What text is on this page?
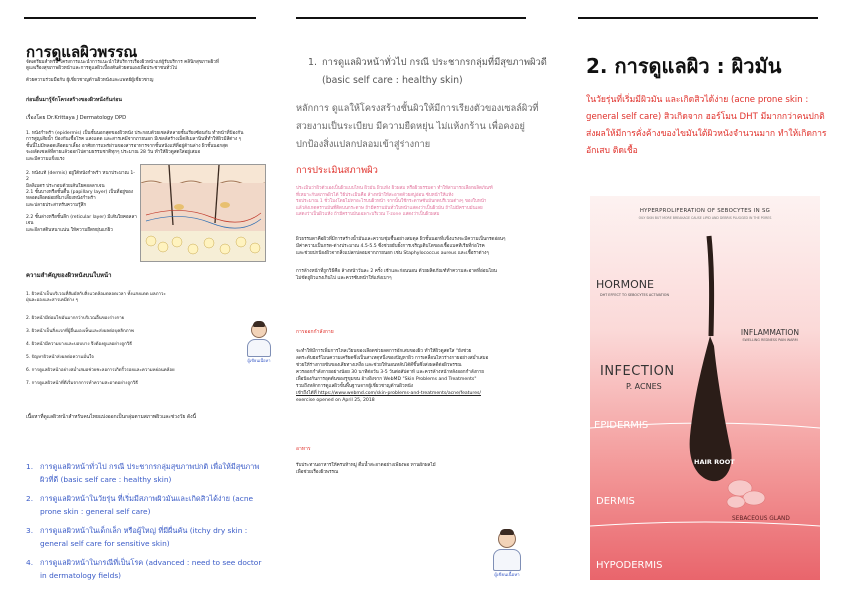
การดูแลผิวพรรณ

จัดเตรียมสำหรับ โครงการแนะนำการแนะนำให้บริการเรื่องผิวหน้าแก่ผู้รับบริการ คลินิกสุขภาพผิวที่

ดูแลเรื่องสุขภาพผิวหน้าและการดูแลผิวเบื้องต้นด้วยตนเองเพื่อประชาชนทั่วไป

ด้วยความร่วมมือกับ ผู้เชี่ยวชาญด้านผิวหนังและแพทย์ผู้เชี่ยวชาญ
ก่อนอื่นมารู้จักโครงสร้างของผิวหนังกันก่อน
เรื่องโดย Dr.Krittaya J Dermatology DPD

1. หนังกำพร้า (epidermis) เป็นชั้นนอกสุดของผิวหนัง ประกอบด้วยเซลล์หลายชั้นเรียงซ้อนกัน ทำหน้าที่ป้องกัน

การสูญเสียน้ำ ป้องกันเชื้อโรค แสงแดด และสารเคมีจากภายนอก มีเซลล์สร้างเม็ดสีเมลานินที่ทำให้ผิวมีสีต่าง ๆ

ชั้นนี้ไม่มีหลอดเลือดมาเลี้ยง อาศัยการแพร่ผ่านของสารอาหารจากชั้นหนังแท้ที่อยู่ด้านล่าง ผิวชั้นนอกสุด

จะผลัดเซลล์ที่ตายแล้วออกไปตามธรรมชาติทุกๆ ประมาณ 28 วัน ทำให้ผิวดูสดใสอยู่เสมอ

และมีความแข็งแรง

2. หนังแท้ (dermis) อยู่ใต้หนังกำพร้า หนาประมาณ 1-2

มิลลิเมตร ประกอบด้วยเส้นใยคอลลาเจน

2.1 ชั้นบางหรือชั้นตื้น (papillary layer) เป็นที่อยู่ของ

หลอดเลือดฝอยที่มาเลี้ยงหนังกำพร้า

และปลายประสาทรับความรู้สึก

2.2 ชั้นล่างหรือชั้นลึก (reticular layer) มีเส้นใยคอลลาเจน

และอีลาสตินหนาแน่น ให้ความยืดหยุ่นแก่ผิว

ความสำคัญของผิวหนังบนใบหน้า

1. ผิวหน้าเป็นบริเวณที่สัมผัสกับสิ่งแวดล้อมตลอดเวลา ทั้งแสงแดด มลภาวะ

ฝุ่นละอองและสารเคมีต่าง ๆ

2. ผิวหน้ามีต่อมไขมันมากกว่าบริเวณอื่นของร่างกาย

3. ผิวหน้าเป็นสิ่งแรกที่ผู้อื่นมองเห็นและส่งผลต่อบุคลิกภาพ

4. ผิวหน้ามีความบางและบอบบาง จึงต้องดูแลอย่างถูกวิธี

5. ปัญหาผิวหน้าส่งผลต่อความมั่นใจ

6. การดูแลผิวหน้าอย่างสม่ำเสมอช่วยชะลอการเกิดริ้วรอยและความหย่อนคล้อย

7. การดูแลผิวหน้าที่ดีเริ่มจากการทำความสะอาดอย่างถูกวิธี

ผู้เขียนเนื้อหา
เนื้อหาที่ดูแลผิวหน้าสำหรับคนไทยแบ่งออกเป็นกลุ่มตามสภาพผิวและช่วงวัย ดังนี้
1. การดูแลผิวหน้าทั่วไป กรณี ประชากรกลุ่มสุขภาพปกติ เพื่อให้มีสุขภาพผิวที่ดี (basic self care : healthy skin)
2. การดูแลผิวหน้าในวัยรุ่น ที่เริ่มมีสภาพผิวมันและเกิดสิวได้ง่าย (acne prone skin : general self care)
3. การดูแลผิวหน้าในเด็กเล็ก หรือผู้ใหญ่ ที่มีผื่นคัน (itchy dry skin : general self care for sensitive skin)
4. การดูแลผิวหน้าในกรณีที่เป็นโรค (advanced : need to see doctor in dermatology fields)
1. การดูแลผิวหน้าทั่วไป กรณี ประชากรกลุ่มที่มีสุขภาพผิวดี (basic self care : healthy skin)
หลักการ ดูแลให้โครงสร้างชั้นผิวให้มีการเรียงตัวของเซลล์ผิวที่สวยงามเป็นระเบียบ มีความยืดหยุ่น ไม่แห้งกร้าน เพื่อคงอยู่ปกป้องสิ่งแปลกปลอมเข้าสู่ร่างกาย
การประเมินสภาพผิว

ประเมินว่าผิวตัวเองเป็นผิวแบบไหน ผิวมัน ผิวแห้ง ผิวผสม หรือผิวธรรมดา ทำให้สามารถเลือกผลิตภัณฑ์

ที่เหมาะกับสภาพผิวได้ วิธีประเมินคือ ล้างหน้าให้สะอาดด้วยสบู่อ่อน ซับหน้าให้แห้ง

รอประมาณ 1 ชั่วโมงโดยไม่ทาอะไรบนผิวหน้า จากนั้นใช้กระดาษซับมันกดบริเวณต่างๆ ของใบหน้า

แล้วสังเกตคราบมันที่ติดบนกระดาษ ถ้ามีคราบมันทั่วใบหน้าแสดงว่าเป็นผิวมัน ถ้าไม่มีคราบมันเลย

แสดงว่าเป็นผิวแห้ง ถ้ามีคราบมันเฉพาะบริเวณ T-zone แสดงว่าเป็นผิวผสม

ผิวธรรมดาคือผิวที่มีการสร้างน้ำมันและความชุ่มชื้นอย่างสมดุล ผิวชั้นนอกที่แข็งแรงจะมีความเป็นกรดอ่อนๆ

มีค่าความเป็นกรด-ด่างประมาณ 4.5-5.5 ซึ่งช่วยยับยั้งการเจริญเติบโตของเชื้อแบคทีเรียที่ก่อโรค

และช่วยปกป้องผิวจากสิ่งแปลกปลอมจากภายนอก เช่น Staphylococcus aureus และเชื้อราต่างๆ

การล้างหน้าที่ถูกวิธีคือ ล้างหน้าวันละ 2 ครั้ง เช้าและก่อนนอน ด้วยผลิตภัณฑ์ทำความสะอาดที่อ่อนโยน

ไม่ขัดถูผิวแรงเกินไป และควรซับหน้าให้แห้งเบาๆ

การออกกำลังกาย

จะทำให้มีการเพิ่มการไหลเวียนของเลือดช่วยลดการอักเสบของผิว ทำให้ผิวดูสดใส "ยังช่วย

ลดระดับฮอร์โมนความเครียดซึ่งเป็นสาเหตุหนึ่งของปัญหาผิว การเคลื่อนไหวร่างกายอย่างสม่ำเสมอ

ช่วยให้ร่างกายขับของเสียทางเหงื่อ และช่วยให้นอนหลับได้ดีขึ้นซึ่งส่งผลดีต่อผิวพรรณ

ควรออกกำลังกายอย่างน้อย 30 นาทีต่อวัน 3-5 วันต่อสัปดาห์ และควรล้างหน้าหลังออกกำลังกาย

เพื่อป้องกันการอุดตันของรูขุมขน อ้างอิงจาก WebMD "Skin Problems and Treatments"

รวมถึงหลักการดูแลผิวขั้นพื้นฐานจากผู้เชี่ยวชาญด้านผิวหนัง

เข้าถึงได้ที่ https://www.webmd.com/skin-problems-and-treatments/acne/features/

exercise opened on April 25, 2018

อาหาร

รับประทานอาหารให้ครบห้าหมู่ ดื่มน้ำสะอาดอย่างเพียงพอ ทานผักผลไม้

เพื่อช่วยเรื่องผิวพรรณ

ผู้เขียนเนื้อหา
2. การดูแลผิว : ผิวมัน
ในวัยรุ่นที่เริ่มมีผิวมัน และเกิดสิวได้ง่าย (acne prone skin : general self care) สิวเกิดจาก ฮอร์โมน DHT มีมากกว่าคนปกติ ส่งผลให้มีการคั่งค้างของไขมันใต้ผิวหนังจำนวนมาก ทำให้เกิดการอักเสบ ติดเชื้อ
HYPERPROLIFERATION OF SEBOCYTES IN SG
OILY SKIN BUT MORE BREAKAGE CAUSE LIPID AND DEBRIS PLUGGED IN THE PORES
HORMONE
DHT EFFECT TO SEBOCYTES ACTIVATION
INFLAMMATION
SWELLING REDNESS PAIN WARM
INFECTION
P. ACNES
EPIDERMIS
HAIR ROOT
DERMIS
SEBACEOUS GLAND
HYPODERMIS
